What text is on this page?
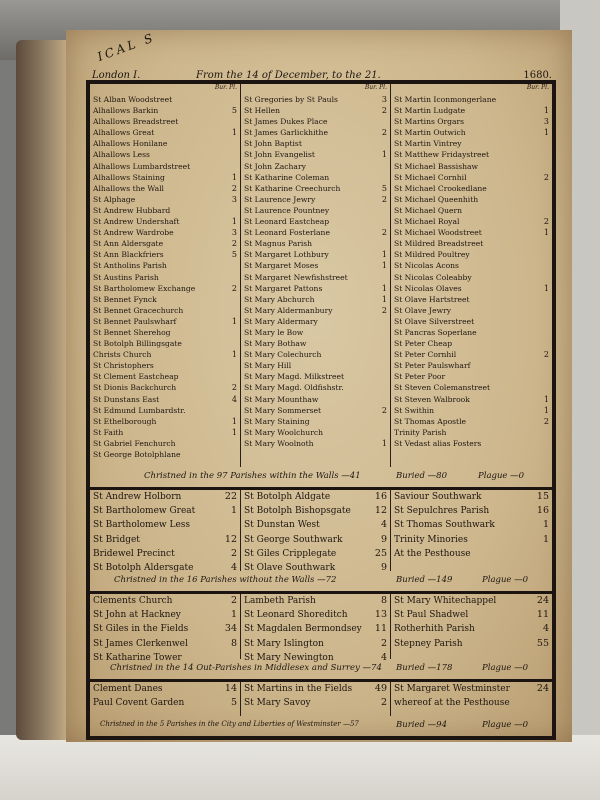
ICAL S
London I.	From the 14 of December, to the 21.	1680.
Bur. Pl.
St Alban Woodstreet
Alhallows Barkin	5
Alhallows Breadstreet
Alhallows Great	1
Alhallows Honilane
Alhallows Less
Alhallows Lumbardstreet
Alhallows Staining	1
Alhallows the Wall	2
St Alphage	3
St Andrew Hubbard
St Andrew Undershaft	1
St Andrew Wardrobe	3
St Ann Aldersgate	2
St Ann Blackfriers	5
St Antholins Parish
St Austins Parish
St Bartholomew Exchange	2
St Bennet Fynck
St Bennet Gracechurch
St Bennet Paulswharf	1
St Bennet Sherehog
St Botolph Billingsgate
Christs Church	1
St Christophers
St Clement Eastcheap
St Dionis Backchurch	2
St Dunstans East	4
St Edmund Lumbardstr.
St Ethelborough	1
St Faith	1
St Gabriel Fenchurch
St George Botolphlane
Bur. Pl.
St Gregories by St Pauls	3
St Hellen	2
St James Dukes Place
St James Garlickhithe	2
St John Baptist
St John Evangelist	1
St John Zachary
St Katharine Coleman
St Katharine Creechurch	5
St Laurence Jewry	2
St Laurence Pountney
St Leonard Eastcheap
St Leonard Fosterlane	2
St Magnus Parish
St Margaret Lothbury	1
St Margaret Moses	1
St Margaret Newfishstreet
St Margaret Pattons	1
St Mary Abchurch	1
St Mary Aldermanbury	2
St Mary Aldermary
St Mary le Bow
St Mary Bothaw
St Mary Colechurch
St Mary Hill
St Mary Magd. Milkstreet
St Mary Magd. Oldfishstr.
St Mary Mounthaw
St Mary Sommerset	2
St Mary Staining
St Mary Woolchurch
St Mary Woolnoth	1
Bur. Pl.
St Martin Iconmongerlane
St Martin Ludgate	1
St Martins Orgars	3
St Martin Outwich	1
St Martin Vintrey
St Matthew Fridaystreet
St Michael Bassishaw
St Michael Cornhil	2
St Michael Crookedlane
St Michael Queenhith
St Michael Quern
St Michael Royal	2
St Michael Woodstreet	1
St Mildred Breadstreet
St Mildred Poultrey
St Nicolas Acons
St Nicolas Coleabby
St Nicolas Olaves	1
St Olave Hartstreet
St Olave Jewry
St Olave Silverstreet
St Pancras Soperlane
St Peter Cheap
St Peter Cornhil	2
St Peter Paulswharf
St Peter Poor
St Steven Colemanstreet
St Steven Walbrook	1
St Swithin	1
St Thomas Apostle	2
Trinity Parish
St Vedast alias Fosters
Christned in the 97 Parishes within the Walls —41	Buried —80	Plague —0
St Andrew Holborn	22
St Bartholomew Great	1
St Bartholomew Less
St Bridget	12
Bridewel Precinct	2
St Botolph Aldersgate	4
St Botolph Aldgate	16
St Botolph Bishopsgate	12
St Dunstan West	4
St George Southwark	9
St Giles Cripplegate	25
St Olave Southwark	9
Saviour Southwark	15
St Sepulchres Parish	16
St Thomas Southwark	1
Trinity Minories	1
At the Pesthouse
Christned in the 16 Parishes without the Walls —72	Buried —149	Plague —0
Clements Church	2
St John at Hackney	1
St Giles in the Fields	34
St James Clerkenwel	8
St Katharine Tower
Lambeth Parish	8
St Leonard Shoreditch	13
St Magdalen Bermondsey 11
St Mary Islington	2
St Mary Newington	4
St Mary Whitechappel	24
St Paul Shadwel	11
Rotherhith Parish	4
Stepney Parish	55
Christned in the 14 Out-Parishes in Middlesex and Surrey —74 Buried —178	Plague —0
Clement Danes	14
Paul Covent Garden	5
St Martins in the Fields 49
St Mary Savoy	2
St Margaret Westminster	24
whereof at the Pesthouse
Christned in the 5 Parishes in the City and Liberties of Westminster —57	Buried —94	Plague —0
